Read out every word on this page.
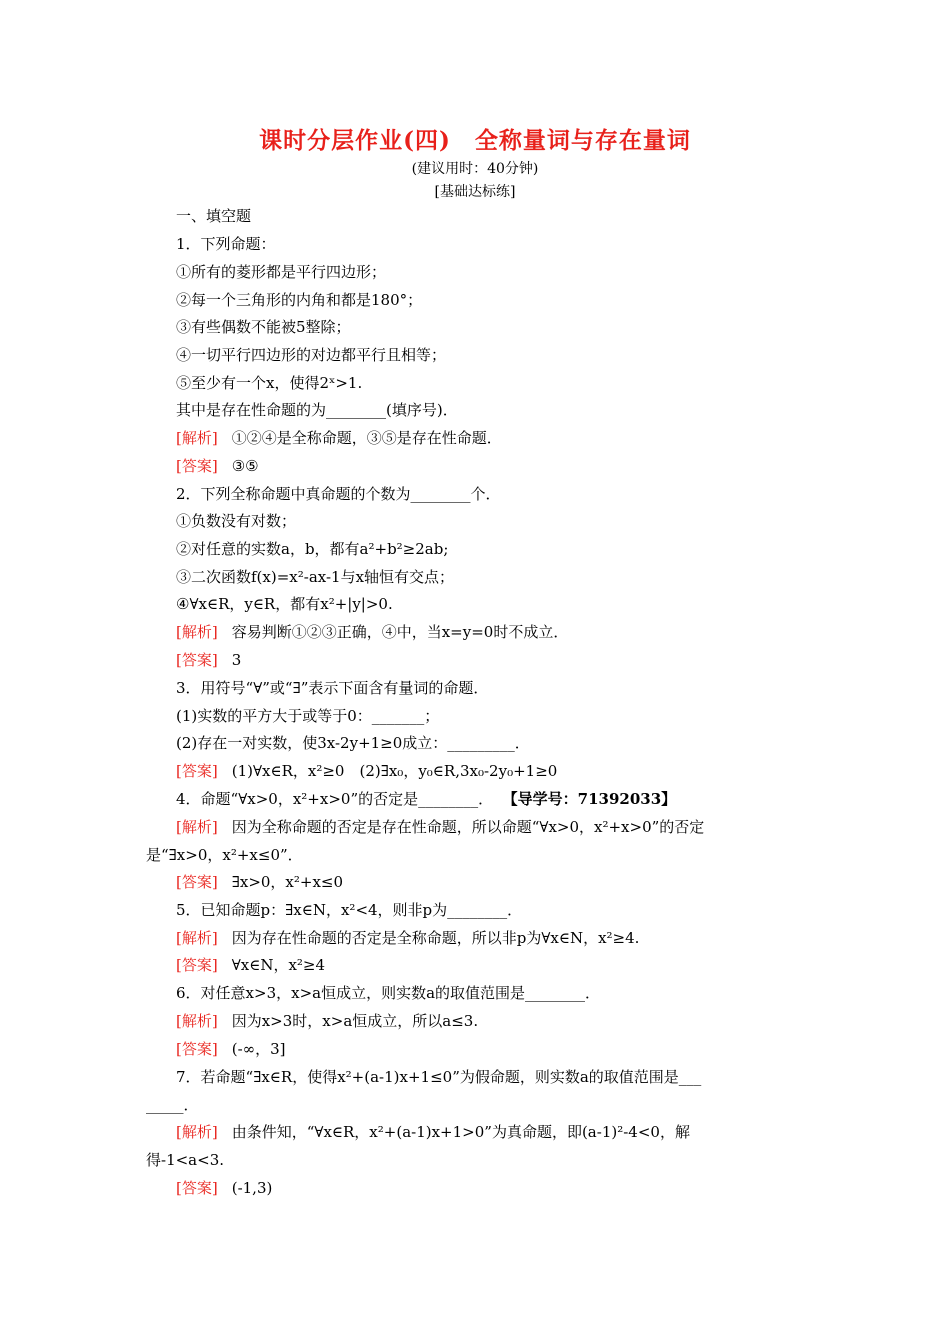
课时分层作业(四)　全称量词与存在量词
(建议用时：40分钟)
[基础达标练]
一、填空题
1．下列命题：
①所有的菱形都是平行四边形；
②每一个三角形的内角和都是180°；
③有些偶数不能被5整除；
④一切平行四边形的对边都平行且相等；
⑤至少有一个x，使得2ˣ>1.
其中是存在性命题的为________(填序号)．
[解析] ①②④是全称命题，③⑤是存在性命题．
[答案] ③⑤
2．下列全称命题中真命题的个数为________个．
①负数没有对数；
②对任意的实数a，b，都有a²+b²≥2ab;
③二次函数f(x)=x²-ax-1与x轴恒有交点；
④∀x∈R，y∈R，都有x²+|y|>0.
[解析] 容易判断①②③正确，④中，当x=y=0时不成立．
[答案] 3
3．用符号“∀”或“∃”表示下面含有量词的命题．
(1)实数的平方大于或等于0：_______；
(2)存在一对实数，使3x-2y+1≥0成立：_________．
[答案] (1)∀x∈R，x²≥0　(2)∃x₀，y₀∈R,3x₀-2y₀+1≥0
4．命题“∀x>0，x²+x>0”的否定是________． 【导学号：71392033】
[解析] 因为全称命题的否定是存在性命题，所以命题“∀x>0，x²+x>0”的否定
是“∃x>0，x²+x≤0”．
[答案] ∃x>0，x²+x≤0
5．已知命题p：∃x∈N，x²<4，则非p为________．
[解析] 因为存在性命题的否定是全称命题，所以非p为∀x∈N，x²≥4.
[答案] ∀x∈N，x²≥4
6．对任意x>3，x>a恒成立，则实数a的取值范围是________．
[解析] 因为x>3时，x>a恒成立，所以a≤3.
[答案] (-∞，3]
7．若命题“∃x∈R，使得x²+(a-1)x+1≤0”为假命题，则实数a的取值范围是___
_____．
[解析] 由条件知，“∀x∈R，x²+(a-1)x+1>0”为真命题，即(a-1)²-4<0，解
得-1<a<3.
[答案] (-1,3)
